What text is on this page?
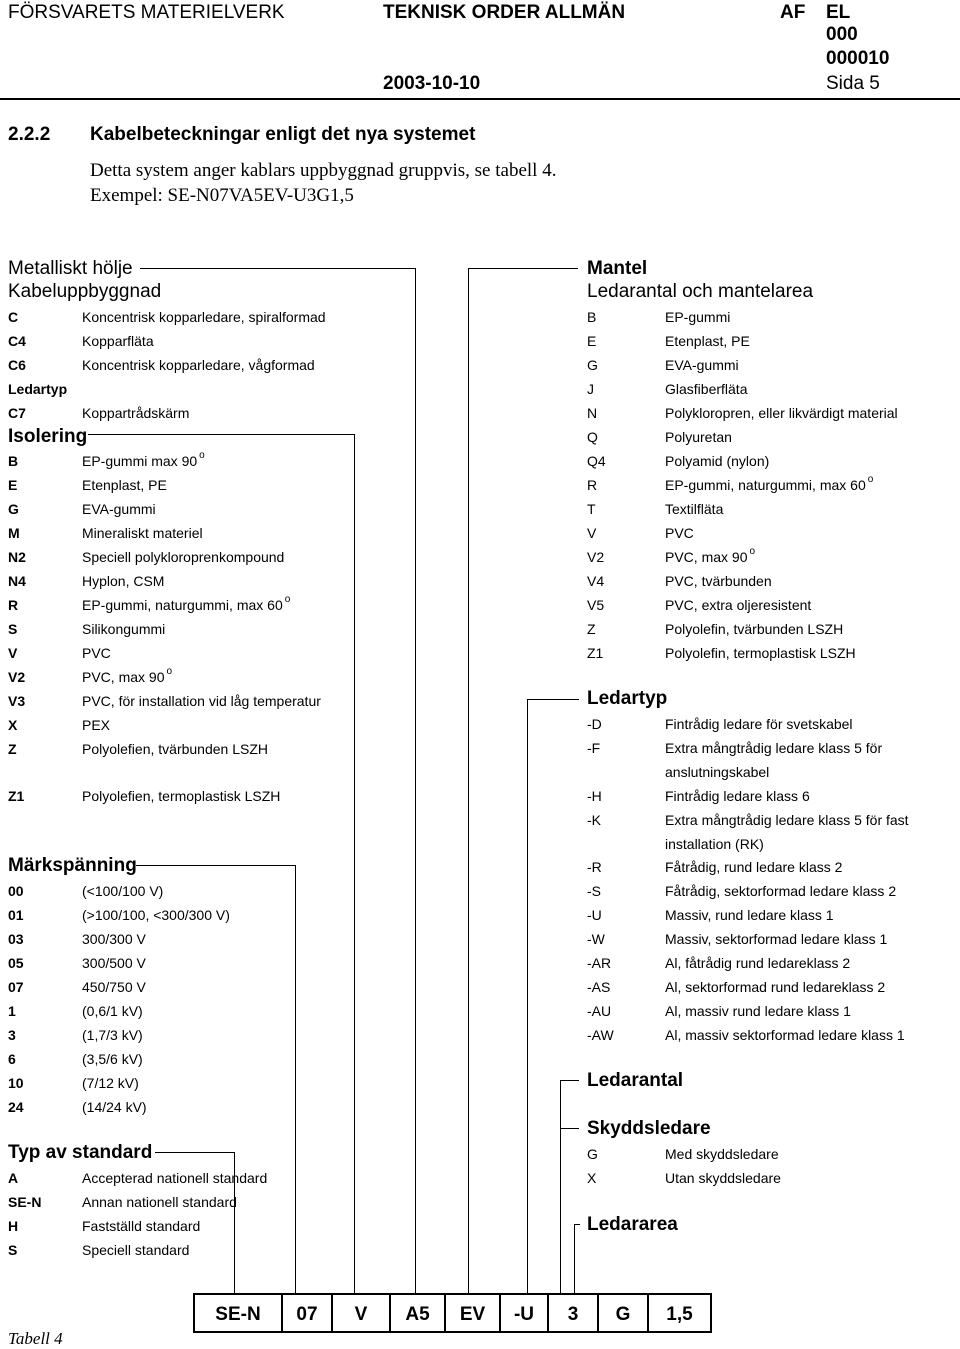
FÖRSVARETS MATERIELVERK	TEKNISK ORDER ALLMÄN	AF EL
000
000010
2003-10-10	Sida 5
2.2.2 Kabelbeteckningar enligt det nya systemet
Detta system anger kablars uppbyggnad gruppvis, se tabell 4.
Exempel: SE-N07VA5EV-U3G1,5
Metalliskt hölje
Kabeluppbyggnad
C	Koncentrisk kopparledare, spiralformad
C4	Kopparfläta
C6	Koncentrisk kopparledare, vågformad
Ledartyp
C7	Koppartrådskärm
Isolering
B	EP-gummi max 90 $^o$
E	Etenplast, PE
G	EVA-gummi
M	Mineraliskt materiel
N2	Speciell polykloroprenkompound
N4	Hyplon, CSM
R	EP-gummi, naturgummi, max 60 $^o$
S	Silikongummi
V	PVC
V2	PVC, max 90 $^o$
V3	PVC, för installation vid låg temperatur
X	PEX
Z	Polyolefien, tvärbunden LSZH
Z1	Polyolefien, termoplastisk LSZH
Märkspänning
00	(<100/100 V)
01	(>100/100, <300/300 V)
03	300/300 V
05	300/500 V
07	450/750 V
1	(0,6/1 kV)
3	(1,7/3 kV)
6	(3,5/6 kV)
10	(7/12 kV)
24	(14/24 kV)
Typ av standard
A	Accepterad nationell standard
SE-N	Annan nationell standard
H	Fastställd standard
S	Speciell standard
Mantel
Ledarantal och mantelarea
B	EP-gummi
E	Etenplast, PE
G	EVA-gummi
J	Glasfiberfläta
N	Polykloropren, eller likvärdigt material
Q	Polyuretan
Q4	Polyamid (nylon)
R	EP-gummi, naturgummi, max 60 $^o$
T	Textilfläta
V	PVC
V2	PVC, max 90 $^o$
V4	PVC, tvärbunden
V5	PVC, extra oljeresistent
Z	Polyolefin, tvärbunden LSZH
Z1	Polyolefin, termoplastisk LSZH
Ledartyp
-D	Fintrådig ledare för svetskabel
-F	Extra mångtrådig ledare klass 5 för
anslutningskabel
-H	Fintrådig ledare klass 6
-K	Extra mångtrådig ledare klass 5 för fast
installation (RK)
-R	Fåtrådig, rund ledare klass 2
-S	Fåtrådig, sektorformad ledare klass 2
-U	Massiv, rund ledare klass 1
-W	Massiv, sektorformad ledare klass 1
-AR	Al, fåtrådig rund ledareklass 2
-AS	Al, sektorformad rund ledareklass 2
-AU	Al, massiv rund ledare klass 1
-AW	Al, massiv sektorformad ledare klass 1
Ledarantal
Skyddsledare
G	Med skyddsledare
X	Utan skyddsledare
Ledararea
SE-N	07	V	A5	EV	-U	3	G	1,5
Tabell 4
